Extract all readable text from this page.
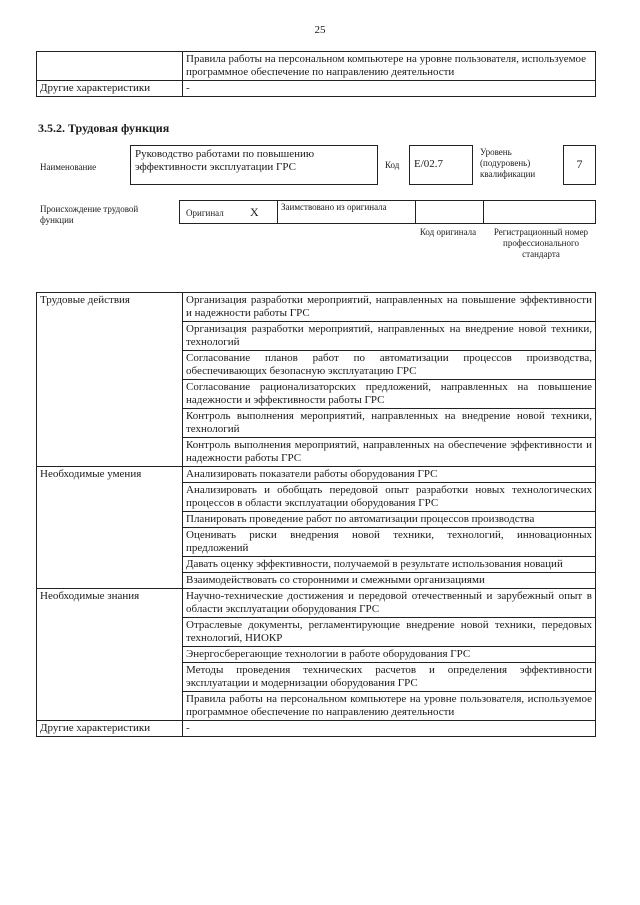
25
	Правила работы на персональном компьютере на уровне пользователя, используемое программное обеспечение по направлению деятельности
Другие характеристики	-
3.5.2. Трудовая функция
Наименование
Руководство работами по повышению эффективности эксплуатации ГРС	Код	E/02.7
Уровень (подуровень) квалификации
7
Происхождение трудовой функции
Оригинал X Заимствовано из оригинала
Код оригинала	Регистрационный номер профессионального стандарта
Трудовые действия	Организация разработки мероприятий, направленных на повышение эффективности и надежности работы ГРС
	Организация разработки мероприятий, направленных на внедрение новой техники, технологий
	Согласование планов работ по автоматизации процессов производства, обеспечивающих безопасную эксплуатацию ГРС
	Согласование рационализаторских предложений, направленных на повышение надежности и эффективности работы ГРС
	Контроль выполнения мероприятий, направленных на внедрение новой техники, технологий
	Контроль выполнения мероприятий, направленных на обеспечение эффективности и надежности работы ГРС
Необходимые умения	Анализировать показатели работы оборудования ГРС
	Анализировать и обобщать передовой опыт разработки новых технологических процессов в области эксплуатации оборудования ГРС
	Планировать проведение работ по автоматизации процессов производства
	Оценивать риски внедрения новой техники, технологий, инновационных предложений
	Давать оценку эффективности, получаемой в результате использования новаций
	Взаимодействовать со сторонними и смежными организациями
Необходимые знания	Научно-технические достижения и передовой отечественный и зарубежный опыт в области эксплуатации оборудования ГРС
	Отраслевые документы, регламентирующие внедрение новой техники, передовых технологий, НИОКР
	Энергосберегающие технологии в работе оборудования ГРС
	Методы проведения технических расчетов и определения эффективности эксплуатации и модернизации оборудования ГРС
	Правила работы на персональном компьютере на уровне пользователя, используемое программное обеспечение по направлению деятельности
Другие характеристики	-
